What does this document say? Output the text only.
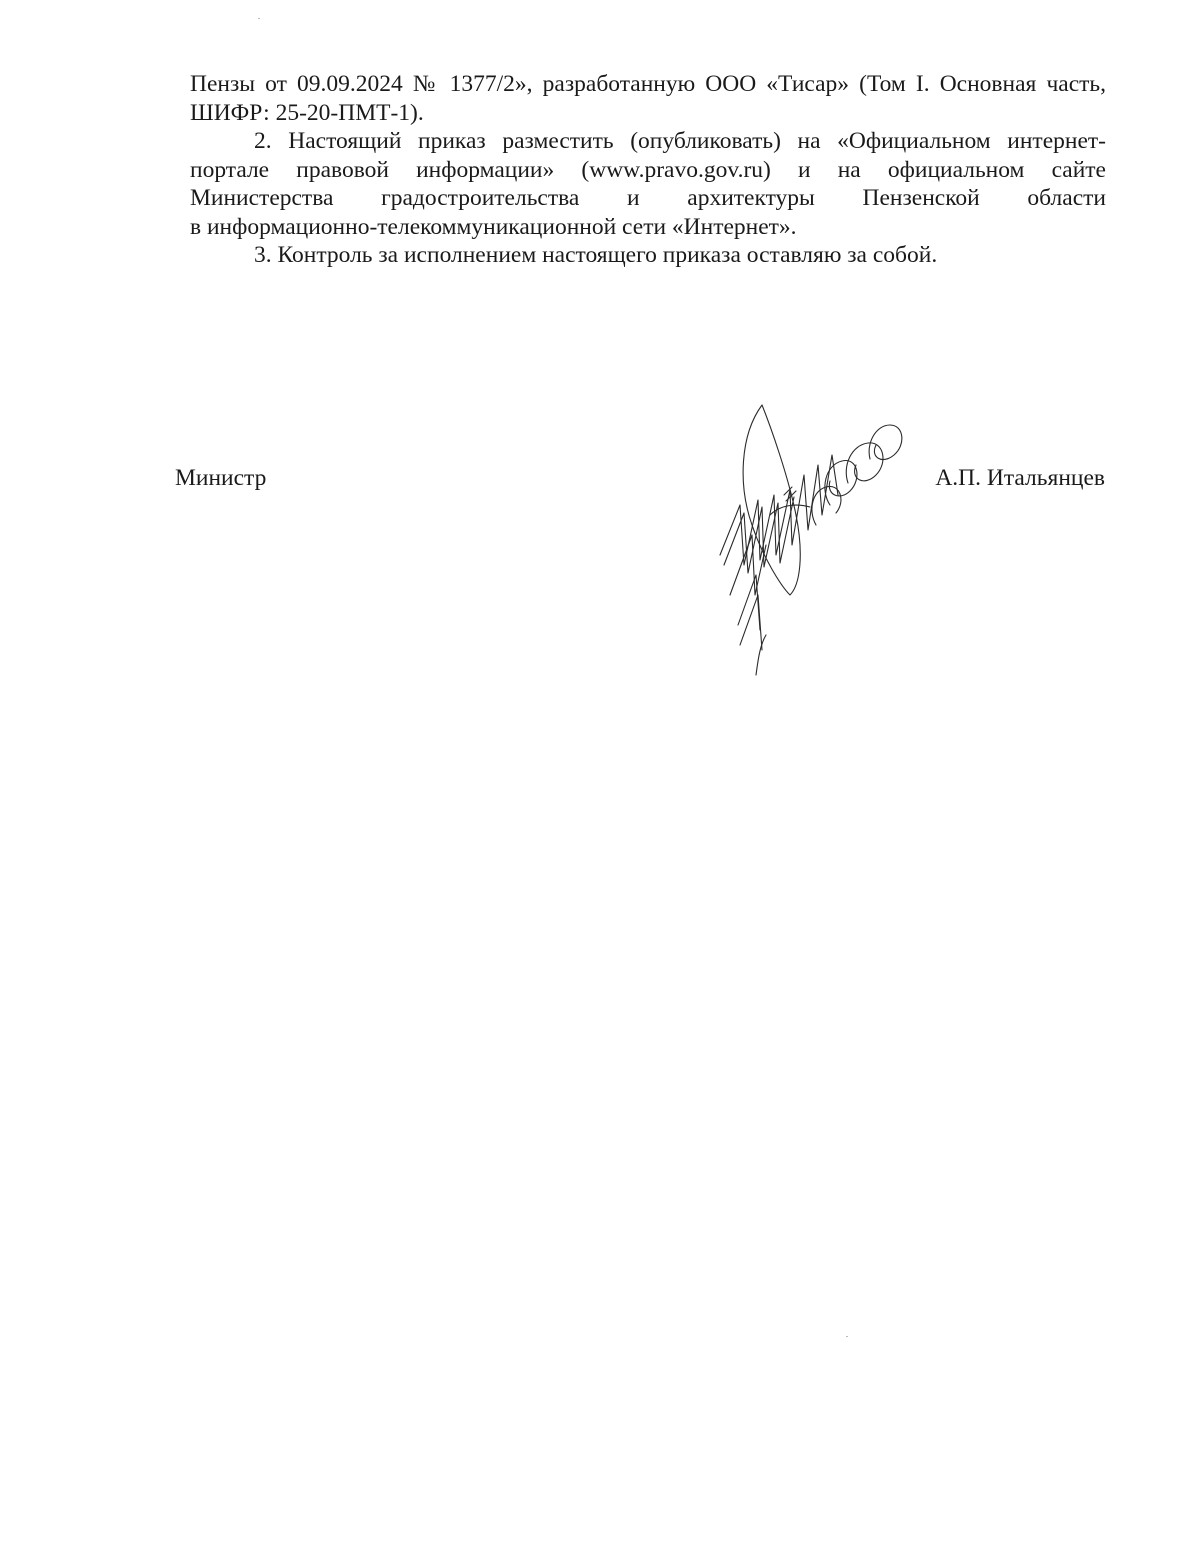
Пензы от 09.09.2024 № 1377/2», разработанную ООО «Тисар» (Том I. Основная часть, ШИФР: 25-20-ПМТ-1).

2. Настоящий приказ разместить (опубликовать) на «Официальном интернет-

портале правовой информации» (www.pravo.gov.ru) и на официальном сайте

Министерства градостроительства и архитектуры Пензенской области

в информационно-телекоммуникационной сети «Интернет».

3. Контроль за исполнением настоящего приказа оставляю за собой.

Министр	А.П. Итальянцев
